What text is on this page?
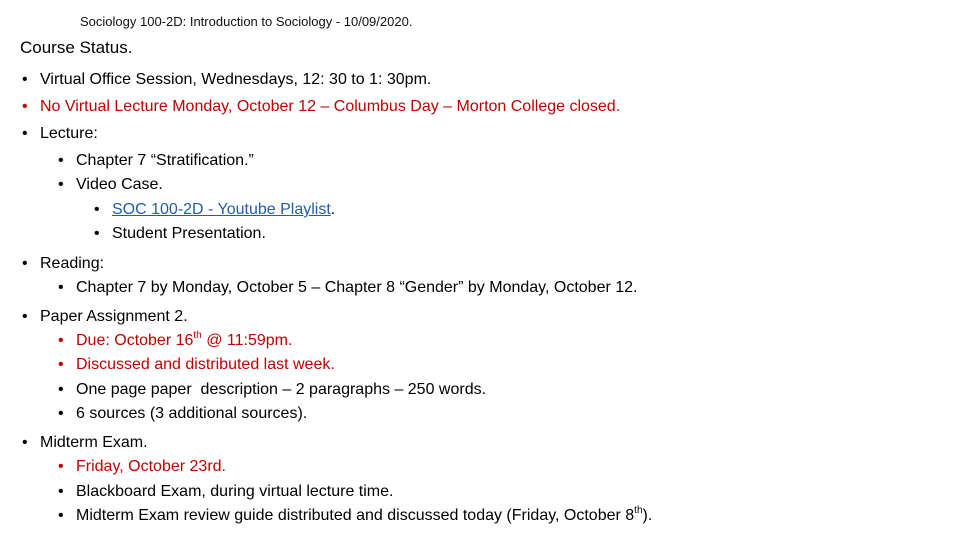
Sociology 100-2D: Introduction to Sociology - 10/09/2020.
Course Status.
• Virtual Office Session, Wednesdays, 12: 30 to 1: 30pm.
• No Virtual Lecture Monday, October 12 – Columbus Day – Morton College closed.
• Lecture:
• Chapter 7 “Stratification.”
• Video Case.
• SOC 100-2D - Youtube Playlist.
• Student Presentation.
• Reading:
• Chapter 7 by Monday, October 5 – Chapter 8 “Gender” by Monday, October 12.
• Paper Assignment 2.
• Due: October 16th @ 11:59pm.
• Discussed and distributed last week.
• One page paper  description – 2 paragraphs – 250 words.
• 6 sources (3 additional sources).
• Midterm Exam.
• Friday, October 23rd.
• Blackboard Exam, during virtual lecture time.
• Midterm Exam review guide distributed and discussed today (Friday, October 8th).
